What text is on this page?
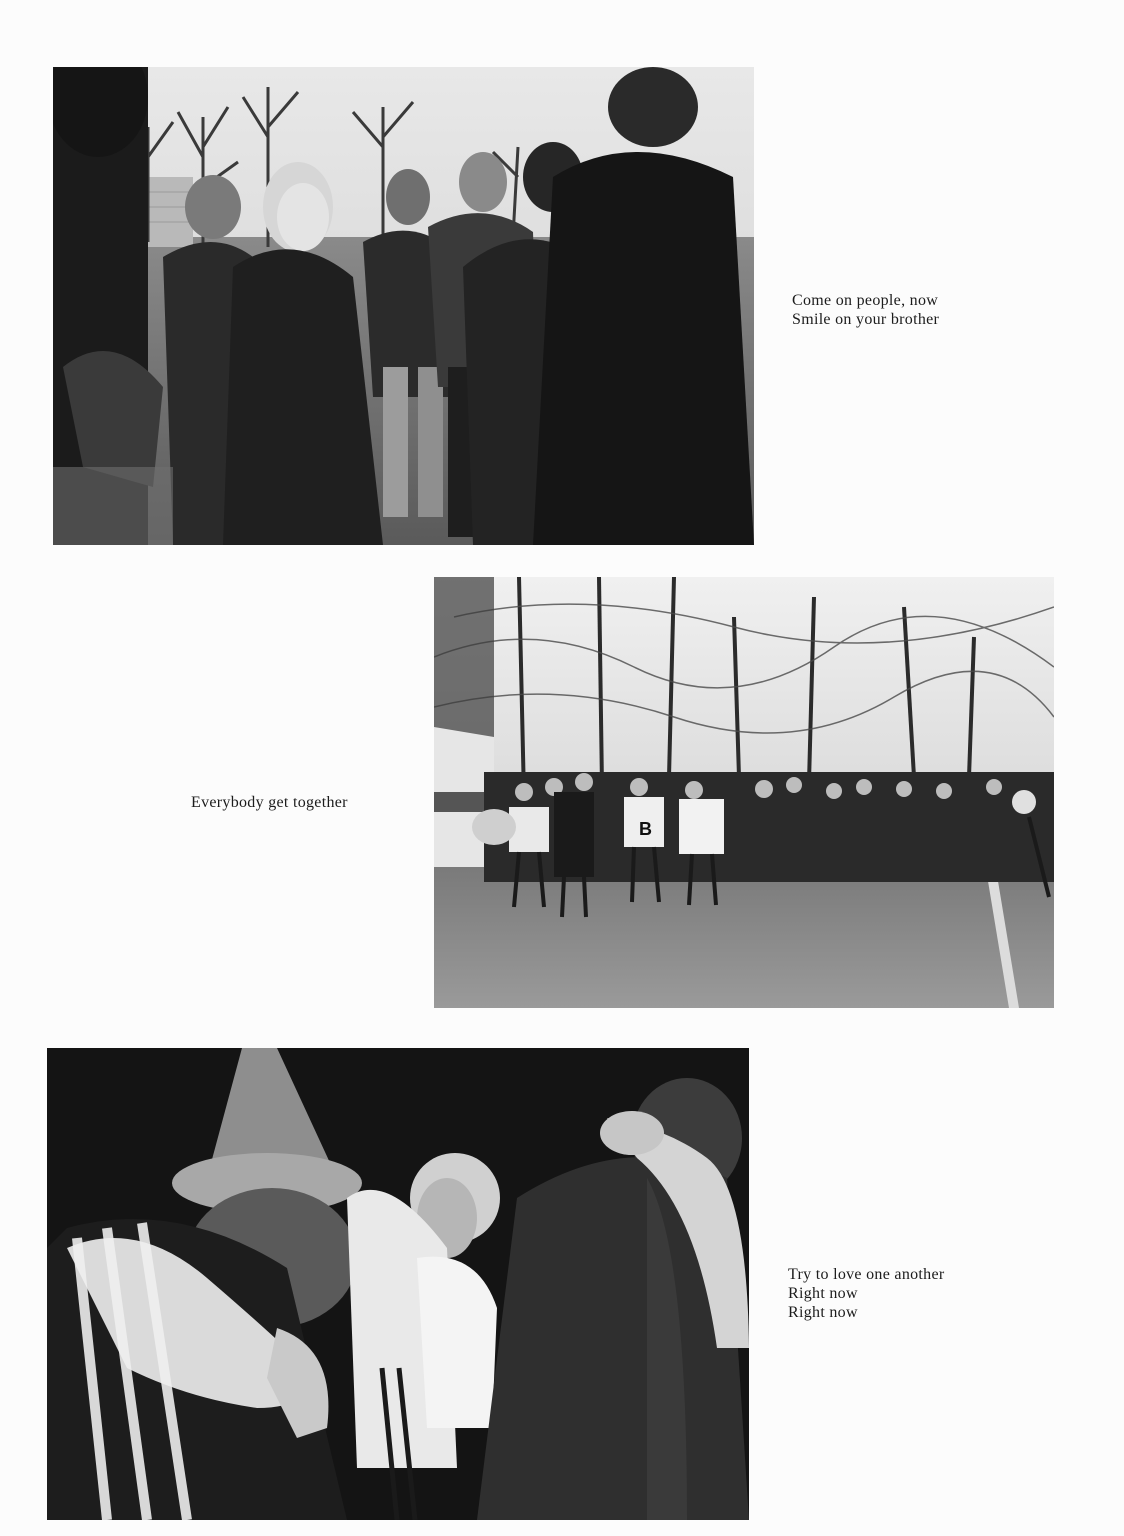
Come on people, now
Smile on your brother
B
Everybody get together
Try to love one another
Right now
Right now
